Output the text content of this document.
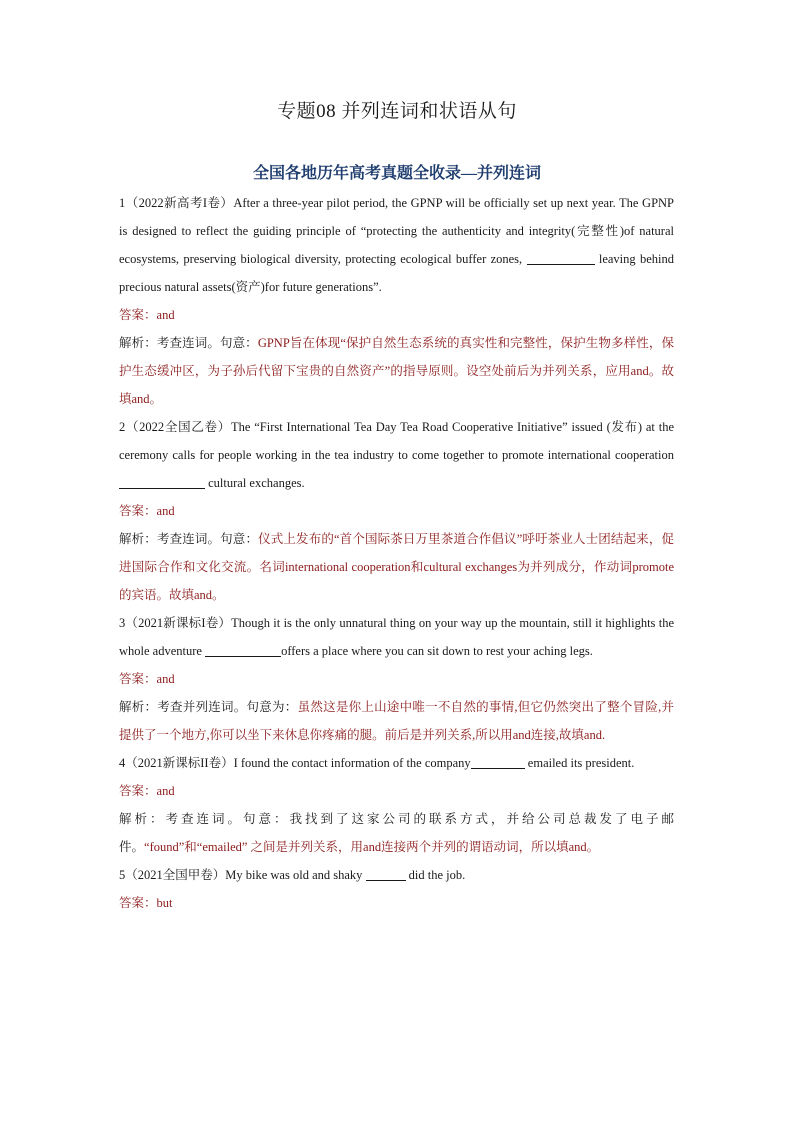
专题08 并列连词和状语从句
全国各地历年高考真题全收录—并列连词

1（2022新高考I卷）After a three-year pilot period, the GPNP will be officially set up next year. The GPNP is designed to reflect the guiding principle of “protecting the authenticity and integrity(完整性)of natural ecosystems, preserving biological diversity, protecting ecological buffer zones,	leaving behind precious natural assets(资产)for future generations”.

答案：and

解析：考查连词。句意：GPNP旨在体现“保护自然生态系统的真实性和完整性，保护生物多样性，保护生态缓冲区，为子孙后代留下宝贵的自然资产”的指导原则。设空处前后为并列关系，应用and。故填and。

2（2022全国乙卷）The “First International Tea Day Tea Road Cooperative Initiative” issued (发布) at the ceremony calls for people working in the tea industry to come together to promote international cooperation  cultural exchanges.

答案：and

解析：考查连词。句意：仪式上发布的“首个国际茶日万里茶道合作倡议”呼吁茶业人士团结起来，促进国际合作和文化交流。名词international cooperation和cultural exchanges为并列成分，作动词promote的宾语。故填and。

3（2021新课标I卷）Though it is the only unnatural thing on your way up the mountain, still it highlights the whole adventure	offers a place where you can sit down to rest your aching legs.

答案：and

解析：考查并列连词。句意为：虽然这是你上山途中唯一不自然的事情,但它仍然突出了整个冒险,并提供了一个地方,你可以坐下来休息你疼痛的腿。前后是并列关系,所以用and连接,故填and.

4（2021新课标II卷）I found the contact information of the company	emailed its president.

答案：and

解析：考查连词。句意：我找到了这家公司的联系方式，并给公司总裁发了电子邮件。“found”和“emailed” 之间是并列关系，用and连接两个并列的谓语动词，所以填and。

5（2021全国甲卷）My bike was old and shaky	did the job.

答案：but
